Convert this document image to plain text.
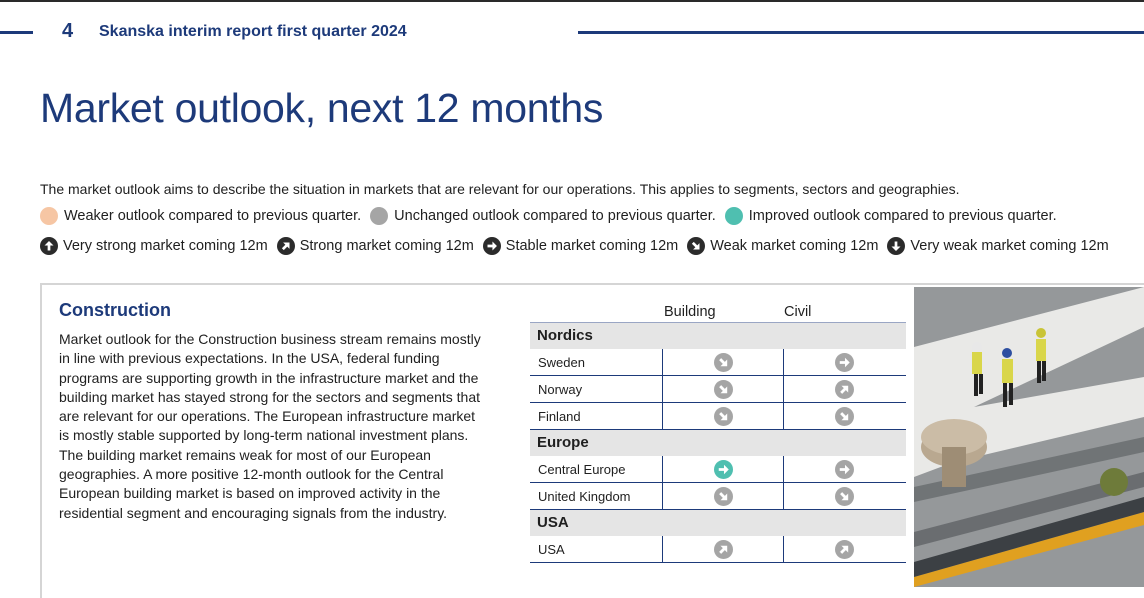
4 Skanska interim report first quarter 2024
Market outlook, next 12 months

The market outlook aims to describe the situation in markets that are relevant for our operations. This applies to segments, sectors and geographies.

Weaker outlook compared to previous quarter. Unchanged outlook compared to previous quarter. Improved outlook compared to previous quarter.
Very strong market coming 12m Strong market coming 12m Stable market coming 12m Weak market coming 12m Very weak market coming 12m
Construction

Market outlook for the Construction business stream remains mostly in line with previous expectations. In the USA, federal funding programs are supporting growth in the infrastructure market and the building market has stayed strong for the sectors and segments that are relevant for our operations. The European infrastructure market is mostly stable supported by long-term national investment plans. The building market remains weak for most of our European geographies. A more positive 12-month outlook for the Central European building market is based on improved activity in the residential segment and encouraging signals from the industry.

Building	Civil
Nordics
Sweden
Norway
Finland
Europe
Central Europe
United Kingdom
USA
USA
